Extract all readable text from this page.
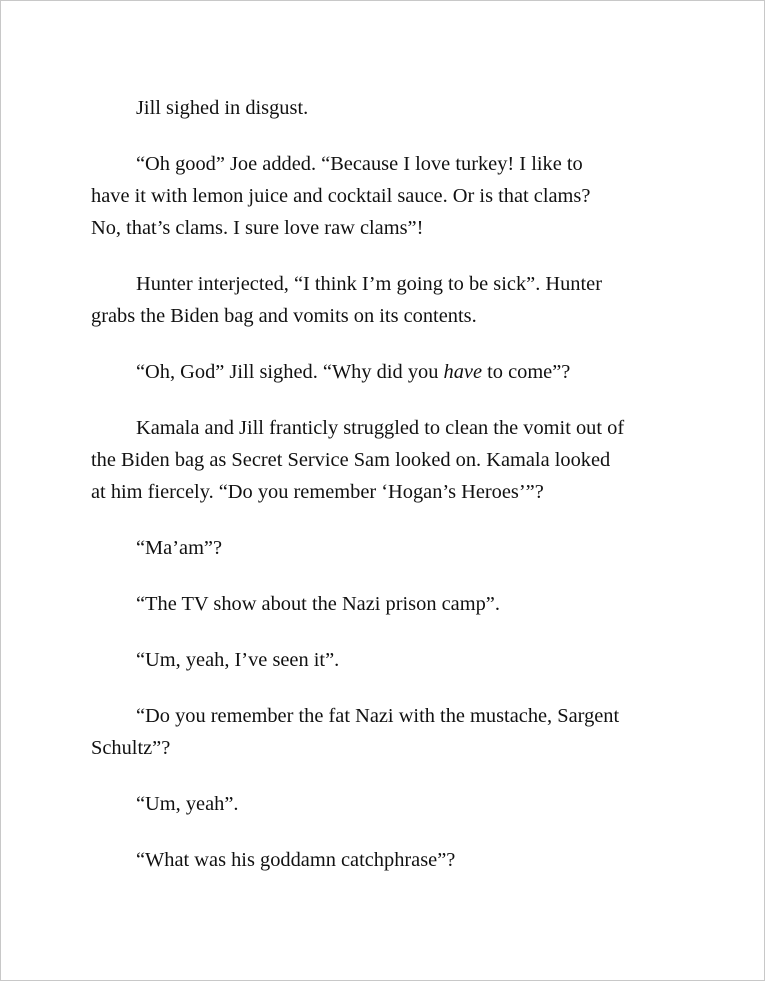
Jill sighed in disgust.

“Oh good” Joe added. “Because I love turkey! I like to
have it with lemon juice and cocktail sauce. Or is that clams?
No, that’s clams. I sure love raw clams”!

Hunter interjected, “I think I’m going to be sick”. Hunter
grabs the Biden bag and vomits on its contents.

“Oh, God” Jill sighed. “Why did you have to come”?

Kamala and Jill franticly struggled to clean the vomit out of
the Biden bag as Secret Service Sam looked on. Kamala looked
at him fiercely. “Do you remember ‘Hogan’s Heroes’”?

“Ma’am”?

“The TV show about the Nazi prison camp”.

“Um, yeah, I’ve seen it”.

“Do you remember the fat Nazi with the mustache, Sargent
Schultz”?

“Um, yeah”.

“What was his goddamn catchphrase”?
